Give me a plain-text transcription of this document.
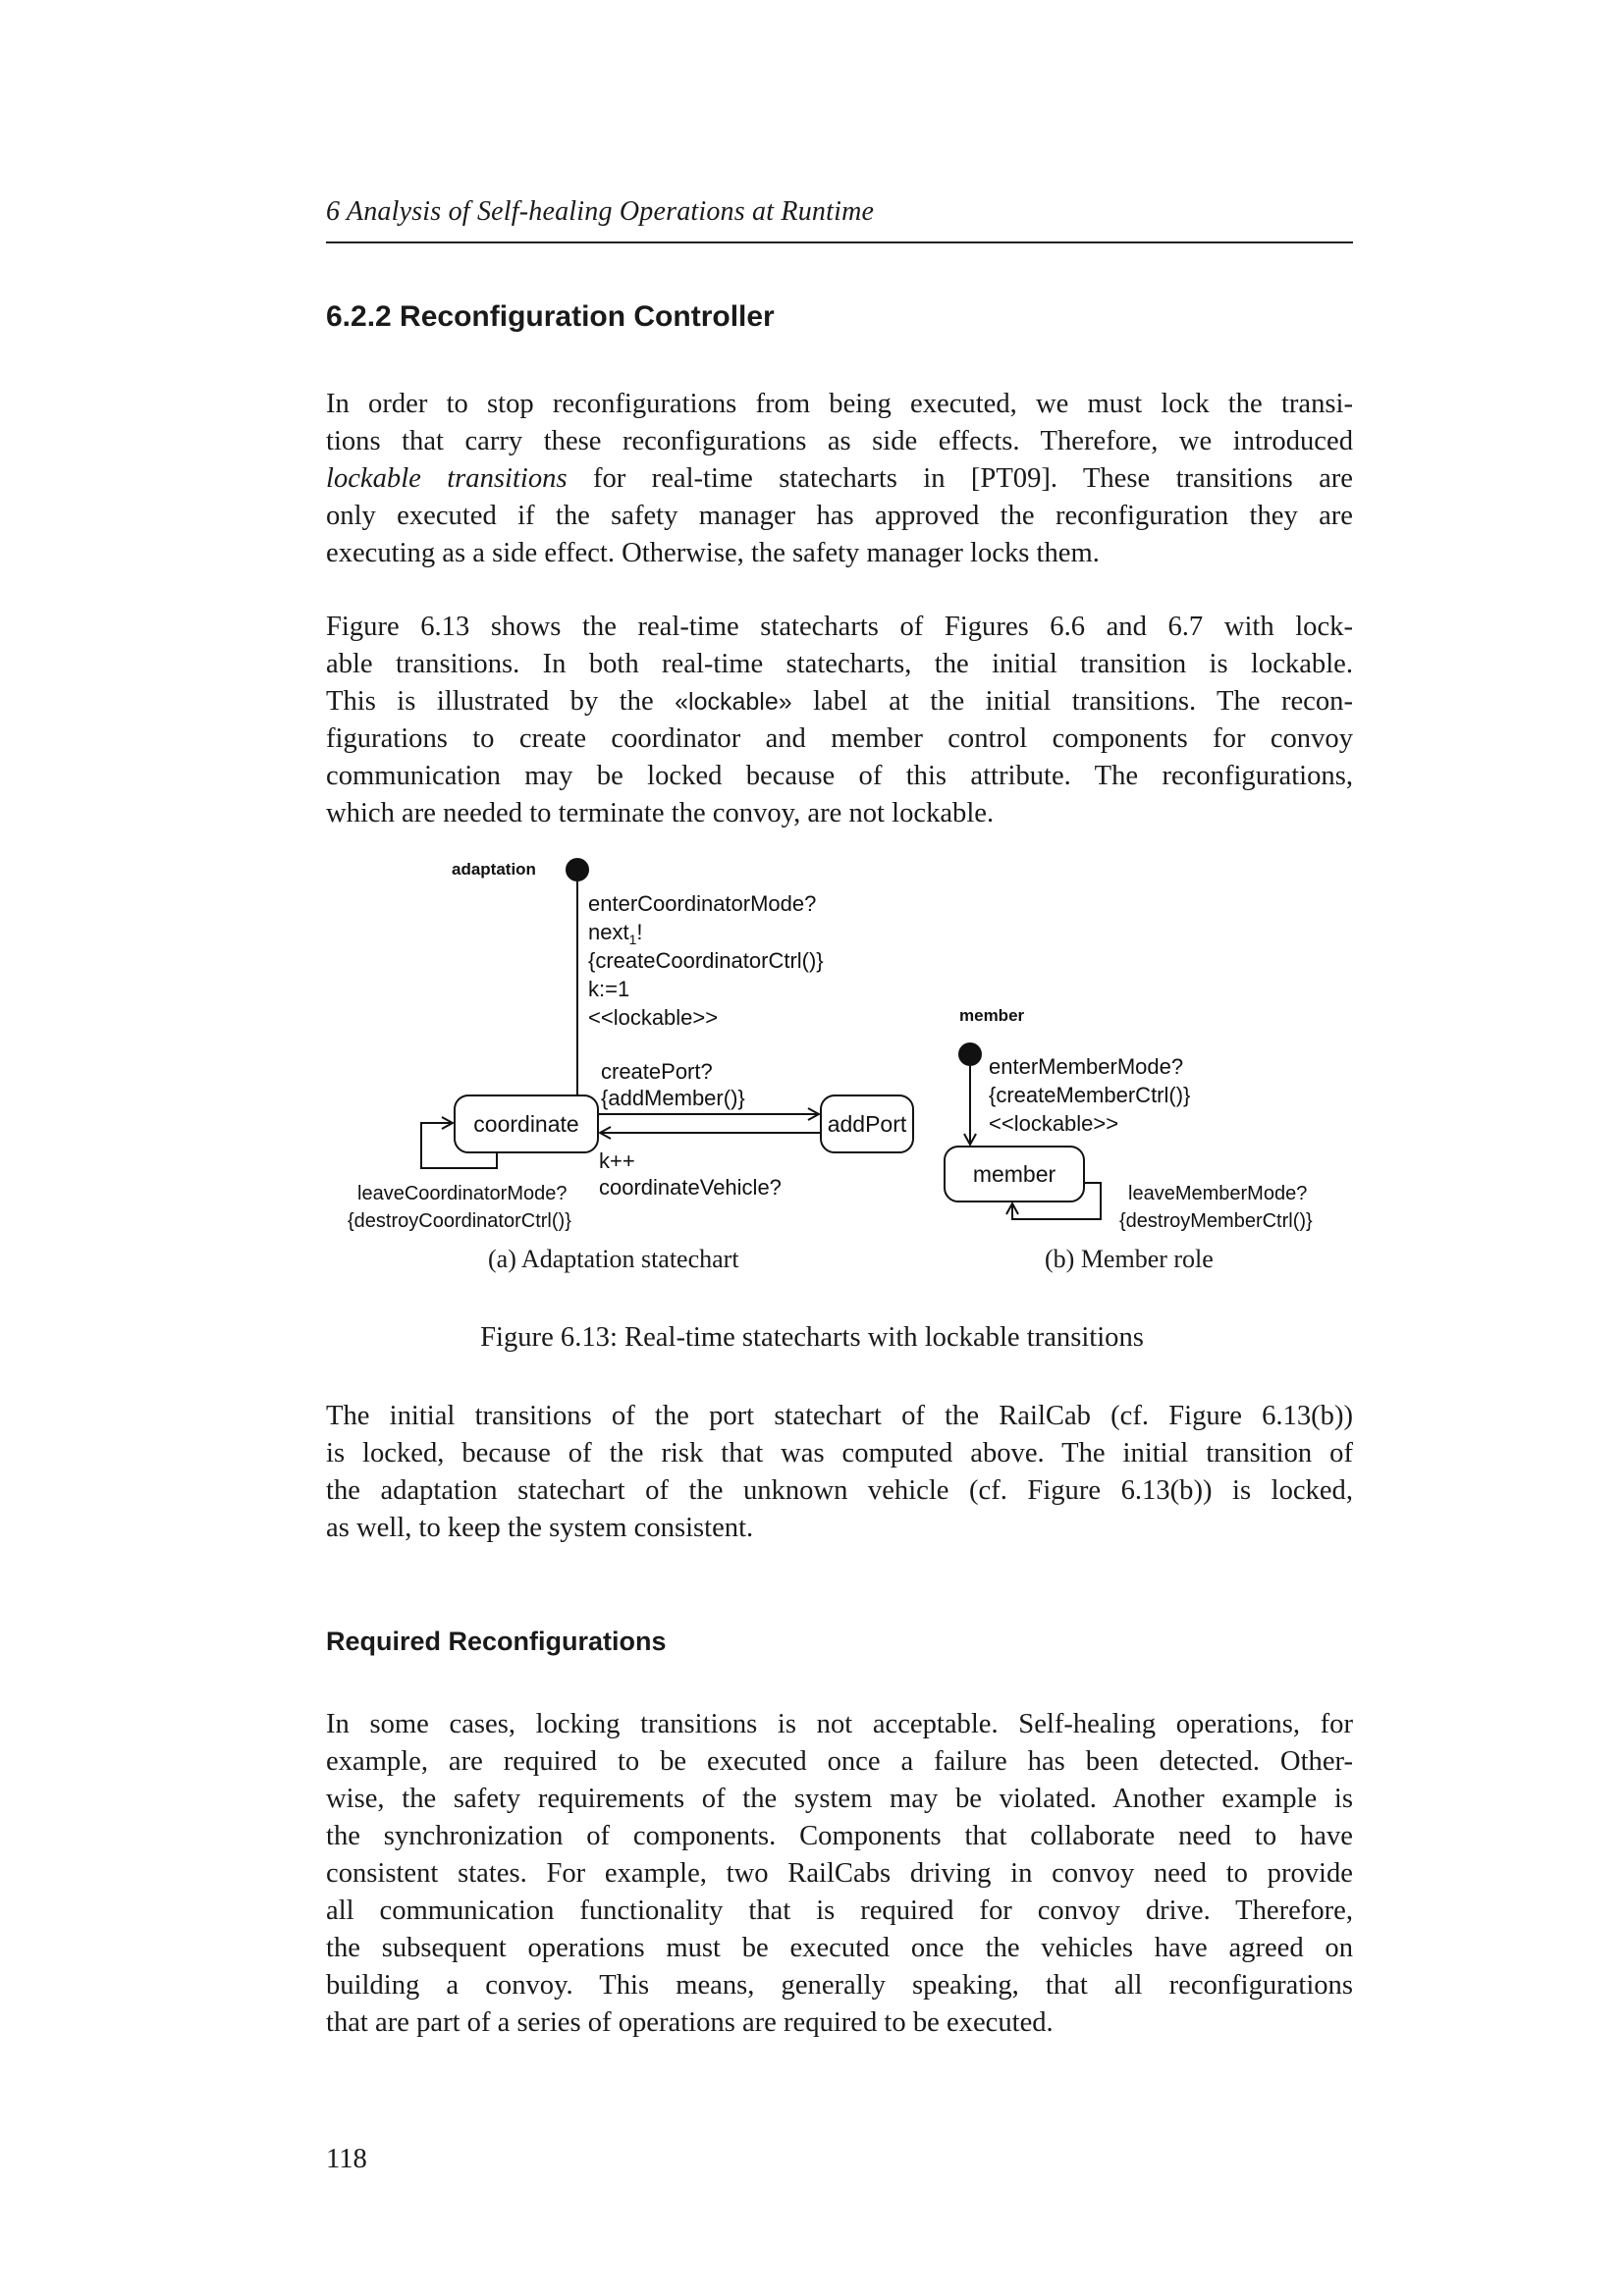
6 Analysis of Self-healing Operations at Runtime
6.2.2 Reconfiguration Controller
In order to stop reconfigurations from being executed, we must lock the transi-
tions that carry these reconfigurations as side effects. Therefore, we introduced
lockable transitions for real-time statecharts in [PT09]. These transitions are
only executed if the safety manager has approved the reconfiguration they are
executing as a side effect. Otherwise, the safety manager locks them.
Figure 6.13 shows the real-time statecharts of Figures 6.6 and 6.7 with lock-
able transitions. In both real-time statecharts, the initial transition is lockable.
This is illustrated by the «lockable» label at the initial transitions. The recon-
figurations to create coordinator and member control components for convoy
communication may be locked because of this attribute. The reconfigurations,
which are needed to terminate the convoy, are not lockable.
adaptation
enterCoordinatorMode?
next$_1$!
{createCoordinatorCtrl()}
k:=1
<<lockable>>
coordinate	addPort
createPort?
{addMember()}
k++
coordinateVehicle?
leaveCoordinatorMode?
{destroyCoordinatorCtrl()}
member
enterMemberMode?
{createMemberCtrl()}
<<lockable>>
member
leaveMemberMode?
{destroyMemberCtrl()}
(a) Adaptation statechart	(b) Member role
Figure 6.13: Real-time statecharts with lockable transitions
The initial transitions of the port statechart of the RailCab (cf. Figure 6.13(b))
is locked, because of the risk that was computed above. The initial transition of
the adaptation statechart of the unknown vehicle (cf. Figure 6.13(b)) is locked,
as well, to keep the system consistent.
Required Reconfigurations
In some cases, locking transitions is not acceptable. Self-healing operations, for
example, are required to be executed once a failure has been detected. Other-
wise, the safety requirements of the system may be violated. Another example is
the synchronization of components. Components that collaborate need to have
consistent states. For example, two RailCabs driving in convoy need to provide
all communication functionality that is required for convoy drive. Therefore,
the subsequent operations must be executed once the vehicles have agreed on
building a convoy. This means, generally speaking, that all reconfigurations
that are part of a series of operations are required to be executed.
118
